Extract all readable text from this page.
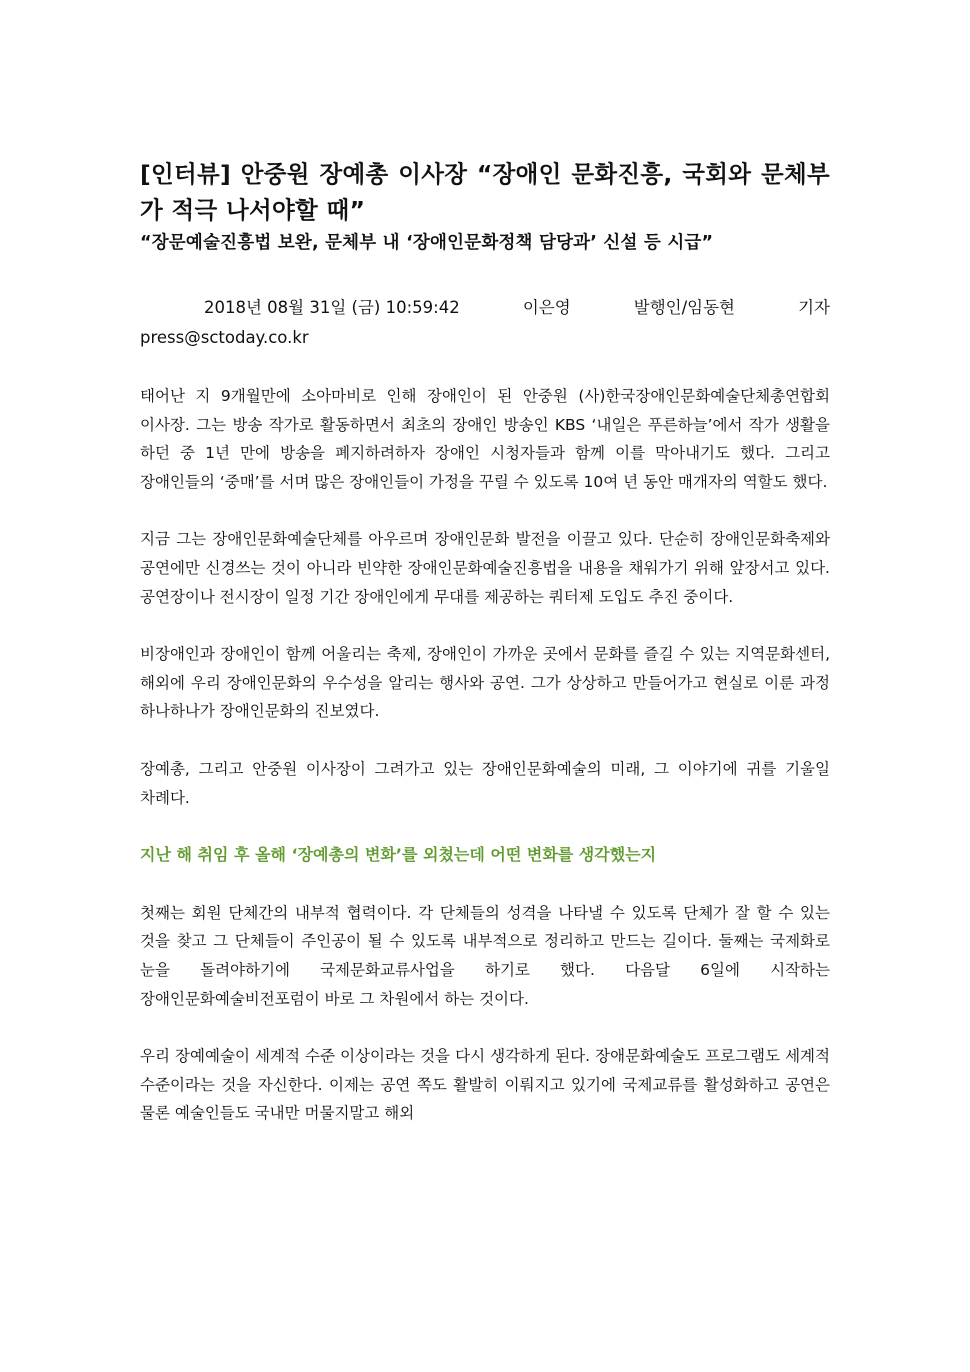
[인터뷰] 안중원 장예총 이사장 “장애인 문화진흥, 국회와 문체부가 적극 나서야할 때”
“장문예술진흥법 보완, 문체부 내 ‘장애인문화정책 담당과’ 신설 등 시급”
2018년 08월 31일 (금) 10:59:42	이은영	발행인/임동현	기자
press@sctoday.co.kr

태어난 지 9개월만에 소아마비로 인해 장애인이 된 안중원 (사)한국장애인문화예술단체총연합회 이사장. 그는 방송 작가로 활동하면서 최초의 장애인 방송인 KBS ‘내일은 푸른하늘’에서 작가 생활을 하던 중 1년 만에 방송을 폐지하려하자 장애인 시청자들과 함께 이를 막아내기도 했다. 그리고 장애인들의 ‘중매’를 서며 많은 장애인들이 가정을 꾸릴 수 있도록 10여 년 동안 매개자의 역할도 했다.

지금 그는 장애인문화예술단체를 아우르며 장애인문화 발전을 이끌고 있다. 단순히 장애인문화축제와 공연에만 신경쓰는 것이 아니라 빈약한 장애인문화예술진흥법을 내용을 채워가기 위해 앞장서고 있다. 공연장이나 전시장이 일정 기간 장애인에게 무대를 제공하는 쿼터제 도입도 추진 중이다.

비장애인과 장애인이 함께 어울리는 축제, 장애인이 가까운 곳에서 문화를 즐길 수 있는 지역문화센터, 해외에 우리 장애인문화의 우수성을 알리는 행사와 공연. 그가 상상하고 만들어가고 현실로 이룬 과정 하나하나가 장애인문화의 진보였다.

장예총, 그리고 안중원 이사장이 그려가고 있는 장애인문화예술의 미래, 그 이야기에 귀를 기울일 차례다.

지난 해 취임 후 올해 ‘장예총의 변화’를 외쳤는데 어떤 변화를 생각했는지

첫째는 회원 단체간의 내부적 협력이다. 각 단체들의 성격을 나타낼 수 있도록 단체가 잘 할 수 있는 것을 찾고 그 단체들이 주인공이 될 수 있도록 내부적으로 정리하고 만드는 길이다. 둘째는 국제화로 눈을 돌려야하기에 국제문화교류사업을 하기로 했다. 다음달 6일에 시작하는 장애인문화예술비전포럼이 바로 그 차원에서 하는 것이다.

우리 장예예술이 세계적 수준 이상이라는 것을 다시 생각하게 된다. 장애문화예술도 프로그램도 세계적 수준이라는 것을 자신한다. 이제는 공연 쪽도 활발히 이뤄지고 있기에 국제교류를 활성화하고 공연은 물론 예술인들도 국내만 머물지말고 해외
